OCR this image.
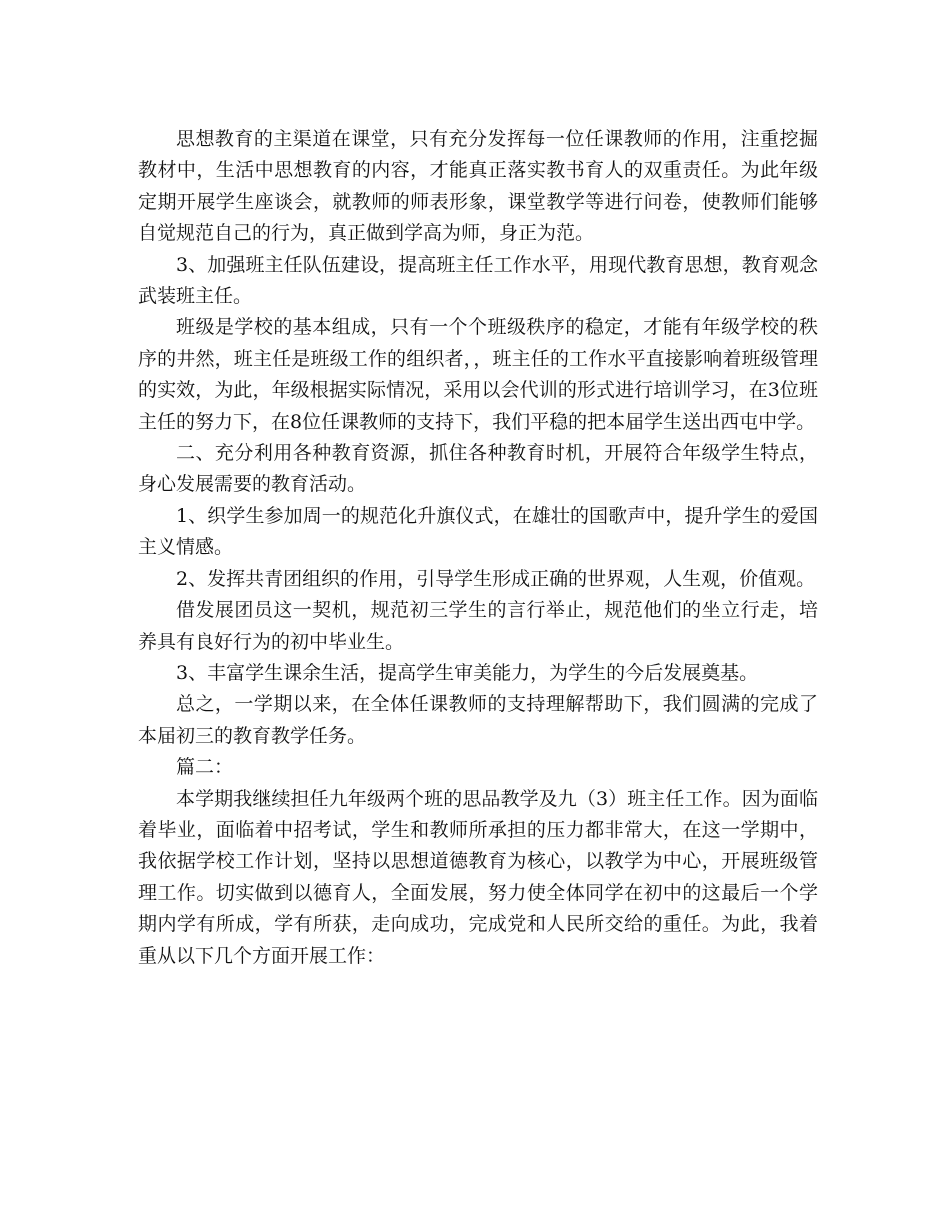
思想教育的主渠道在课堂，只有充分发挥每一位任课教师的作用，注重挖掘教材中，生活中思想教育的内容，才能真正落实教书育人的双重责任。为此年级定期开展学生座谈会，就教师的师表形象，课堂教学等进行问卷，使教师们能够自觉规范自己的行为，真正做到学高为师，身正为范。

3、加强班主任队伍建设，提高班主任工作水平，用现代教育思想，教育观念武装班主任。

班级是学校的基本组成，只有一个个班级秩序的稳定，才能有年级学校的秩序的井然，班主任是班级工作的组织者，，班主任的工作水平直接影响着班级管理的实效，为此，年级根据实际情况，采用以会代训的形式进行培训学习，在3位班主任的努力下，在8位任课教师的支持下，我们平稳的把本届学生送出西屯中学。

二、充分利用各种教育资源，抓住各种教育时机，开展符合年级学生特点，身心发展需要的教育活动。

1、织学生参加周一的规范化升旗仪式，在雄壮的国歌声中，提升学生的爱国主义情感。

2、发挥共青团组织的作用，引导学生形成正确的世界观，人生观，价值观。

借发展团员这一契机，规范初三学生的言行举止，规范他们的坐立行走，培养具有良好行为的初中毕业生。

3、丰富学生课余生活，提高学生审美能力，为学生的今后发展奠基。

总之，一学期以来，在全体任课教师的支持理解帮助下，我们圆满的完成了本届初三的教育教学任务。

篇二：

本学期我继续担任九年级两个班的思品教学及九（3）班主任工作。因为面临着毕业，面临着中招考试，学生和教师所承担的压力都非常大，在这一学期中，我依据学校工作计划，坚持以思想道德教育为核心，以教学为中心，开展班级管理工作。切实做到以德育人，全面发展，努力使全体同学在初中的这最后一个学期内学有所成，学有所获，走向成功，完成党和人民所交给的重任。为此，我着重从以下几个方面开展工作：
